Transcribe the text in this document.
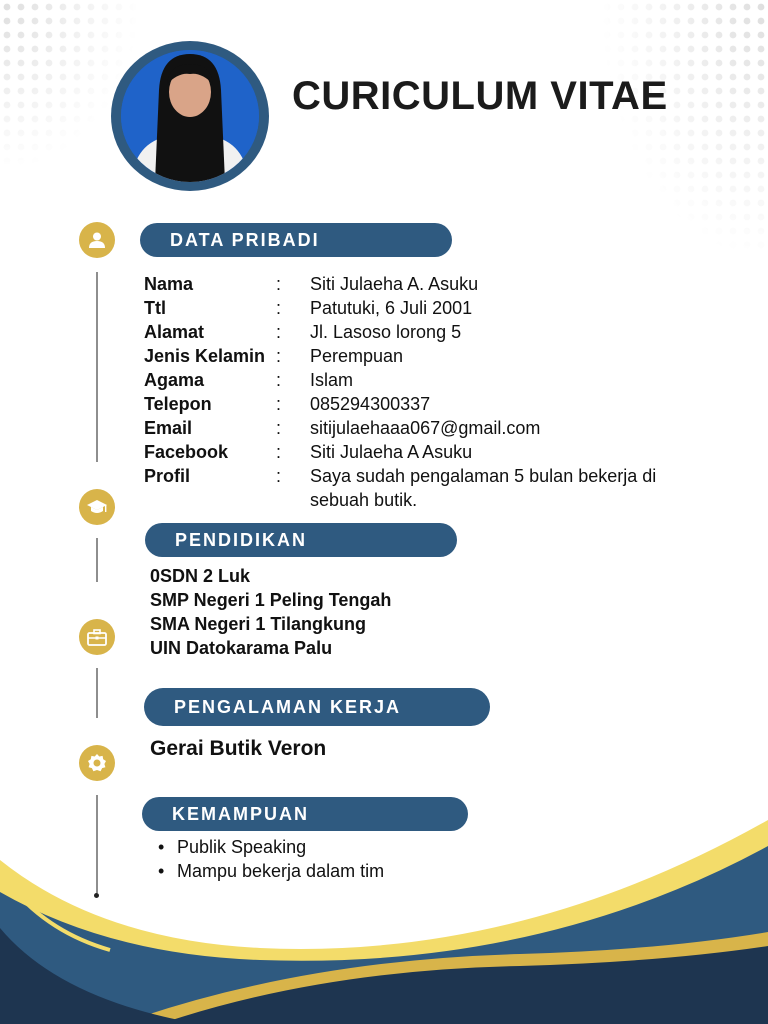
CURICULUM VITAE
DATA PRIBADI
PENDIDIKAN
PENGALAMAN KERJA
KEMAMPUAN
Nama	: Siti Julaeha A. Asuku
Ttl	: Patutuki, 6 Juli 2001
Alamat	: Jl. Lasoso lorong 5
Jenis Kelamin : Perempuan
Agama	: Islam
Telepon	: 085294300337
Email	: sitijulaehaaa067@gmail.com
Facebook	: Siti Julaeha A Asuku
Profil	: Saya sudah pengalaman 5 bulan bekerja di sebuah butik.
0SDN 2 Luk
SMP Negeri 1 Peling Tengah
SMA Negeri 1 Tilangkung
UIN Datokarama Palu
Gerai Butik Veron
Publik Speaking
Mampu bekerja dalam tim
